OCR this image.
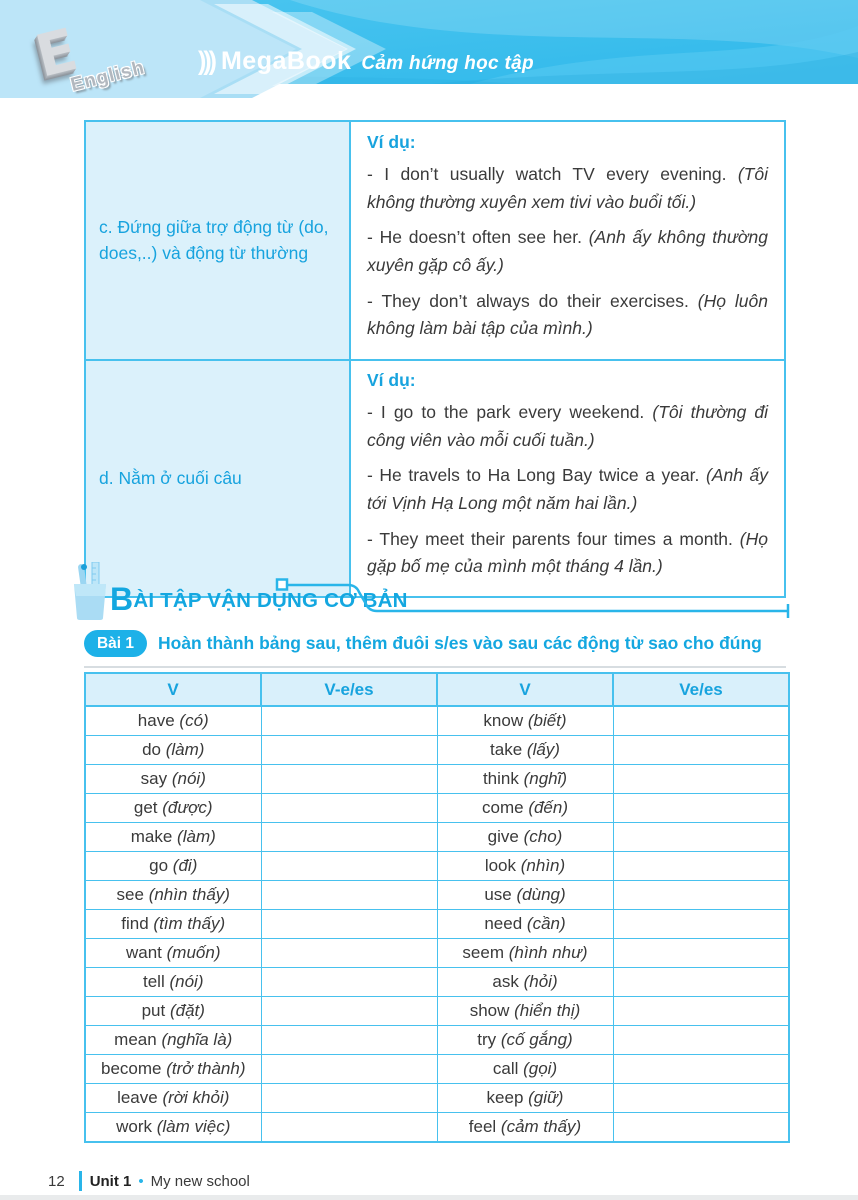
E
English ))) MegaBook Cảm hứng học tập
c. Đứng giữa trợ động từ (do, does,..) và động từ thường	Ví dụ:

- I don’t usually watch TV every evening. (Tôi không thường xuyên xem tivi vào buổi tối.)

- He doesn’t often see her. (Anh ấy không thường xuyên gặp cô ấy.)

- They don’t always do their exercises. (Họ luôn không làm bài tập của mình.)

d. Nằm ở cuối câu	Ví dụ:

- I go to the park every weekend. (Tôi thường đi công viên vào mỗi cuối tuần.)

- He travels to Ha Long Bay twice a year. (Anh ấy tới Vịnh Hạ Long một năm hai lần.)

- They meet their parents four times a month. (Họ gặp bố mẹ của mình một tháng 4 lần.)

BÀI TẬP VẬN DỤNG CƠ BẢN
Bài 1	Hoàn thành bảng sau, thêm đuôi s/es vào sau các động từ sao cho đúng
V	V-e/es	V	Ve/es
have (có)		know (biết)	
do (làm)		take (lấy)	
say (nói)		think (nghĩ)	
get (được)		come (đến)	
make (làm)		give (cho)	
go (đi)		look (nhìn)	
see (nhìn thấy)		use (dùng)	
find (tìm thấy)		need (cần)	
want (muốn)		seem (hình như)	
tell (nói)		ask (hỏi)	
put (đặt)		show (hiển thị)	
mean (nghĩa là)		try (cố gắng)	
become (trở thành)		call (gọi)	
leave (rời khỏi)		keep (giữ)	
work (làm việc)		feel (cảm thấy)	
12 Unit 1 • My new school
